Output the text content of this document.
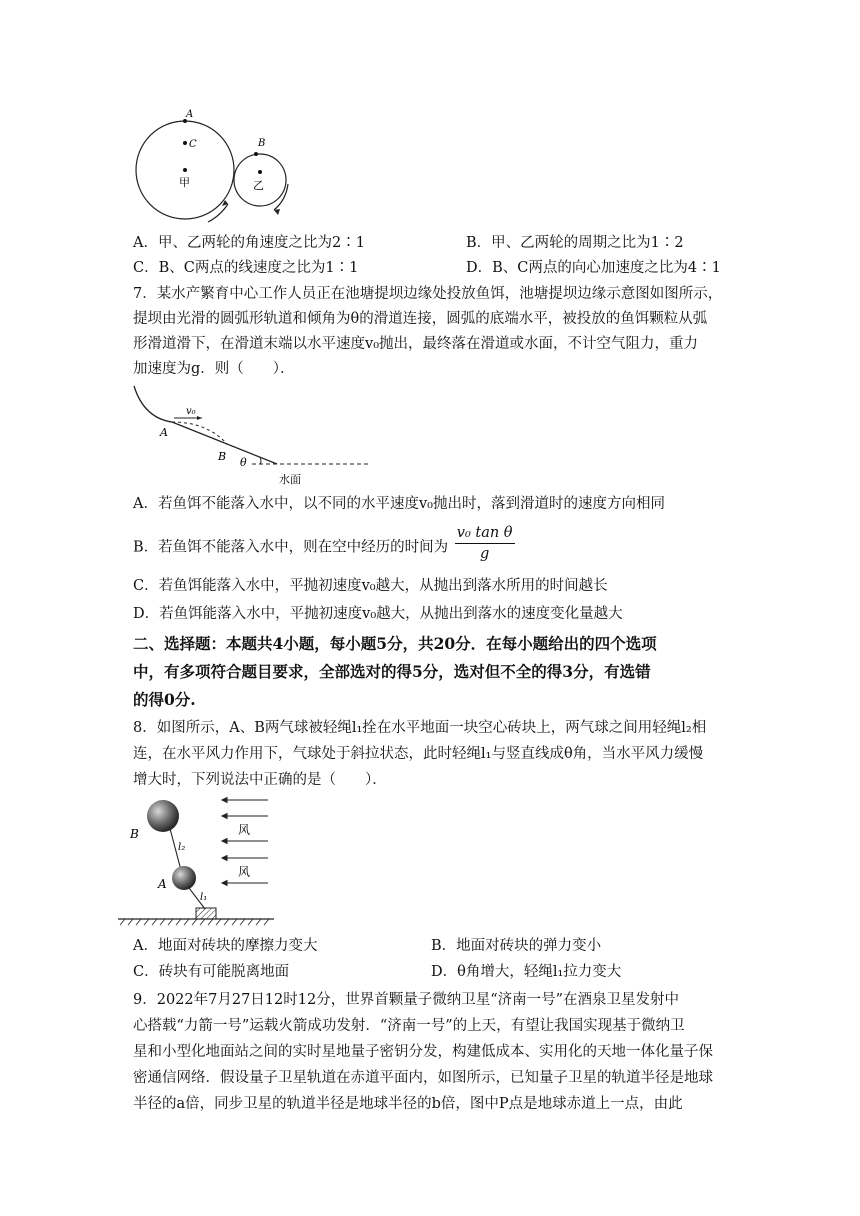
A
C
甲
B
乙
A．甲、乙两轮的角速度之比为2∶1	B．甲、乙两轮的周期之比为1∶2
C．B、C两点的线速度之比为1∶1	D．B、C两点的向心加速度之比为4∶1
7．某水产繁育中心工作人员正在池塘提坝边缘处投放鱼饵，池塘提坝边缘示意图如图所示，
提坝由光滑的圆弧形轨道和倾角为θ的滑道连接，圆弧的底端水平，被投放的鱼饵颗粒从弧
形滑道滑下，在滑道末端以水平速度v₀抛出，最终落在滑道或水面，不计空气阻力，重力
加速度为g．则（　　）．
v₀
A
B θ
水面
A．若鱼饵不能落入水中，以不同的水平速度v₀抛出时，落到滑道时的速度方向相同
B．若鱼饵不能落入水中，则在空中经历的时间为 $\frac{\text{v₀ tan θ}}{g}$
C．若鱼饵能落入水中，平抛初速度v₀越大，从抛出到落水所用的时间越长
D．若鱼饵能落入水中，平抛初速度v₀越大，从抛出到落水的速度变化量越大
二、选择题：本题共4小题，每小题5分，共20分．在每小题给出的四个选项
中，有多项符合题目要求，全部选对的得5分，选对但不全的得3分，有选错
的得0分.
8．如图所示，A、B两气球被轻绳l₁拴在水平地面一块空心砖块上，两气球之间用轻绳l₂相
连，在水平风力作用下，气球处于斜拉状态，此时轻绳l₁与竖直线成θ角，当水平风力缓慢
增大时，下列说法中正确的是（　　）．
风
风
B
l₂
A
l₁
A．地面对砖块的摩擦力变大	B．地面对砖块的弹力变小
C．砖块有可能脱离地面	D．θ角增大，轻绳l₁拉力变大
9．2022年7月27日12时12分，世界首颗量子微纳卫星“济南一号”在酒泉卫星发射中
心搭载“力箭一号”运载火箭成功发射．“济南一号”的上天，有望让我国实现基于微纳卫
星和小型化地面站之间的实时星地量子密钥分发，构建低成本、实用化的天地一体化量子保
密通信网络．假设量子卫星轨道在赤道平面内，如图所示，已知量子卫星的轨道半径是地球
半径的a倍，同步卫星的轨道半径是地球半径的b倍，图中P点是地球赤道上一点，由此
